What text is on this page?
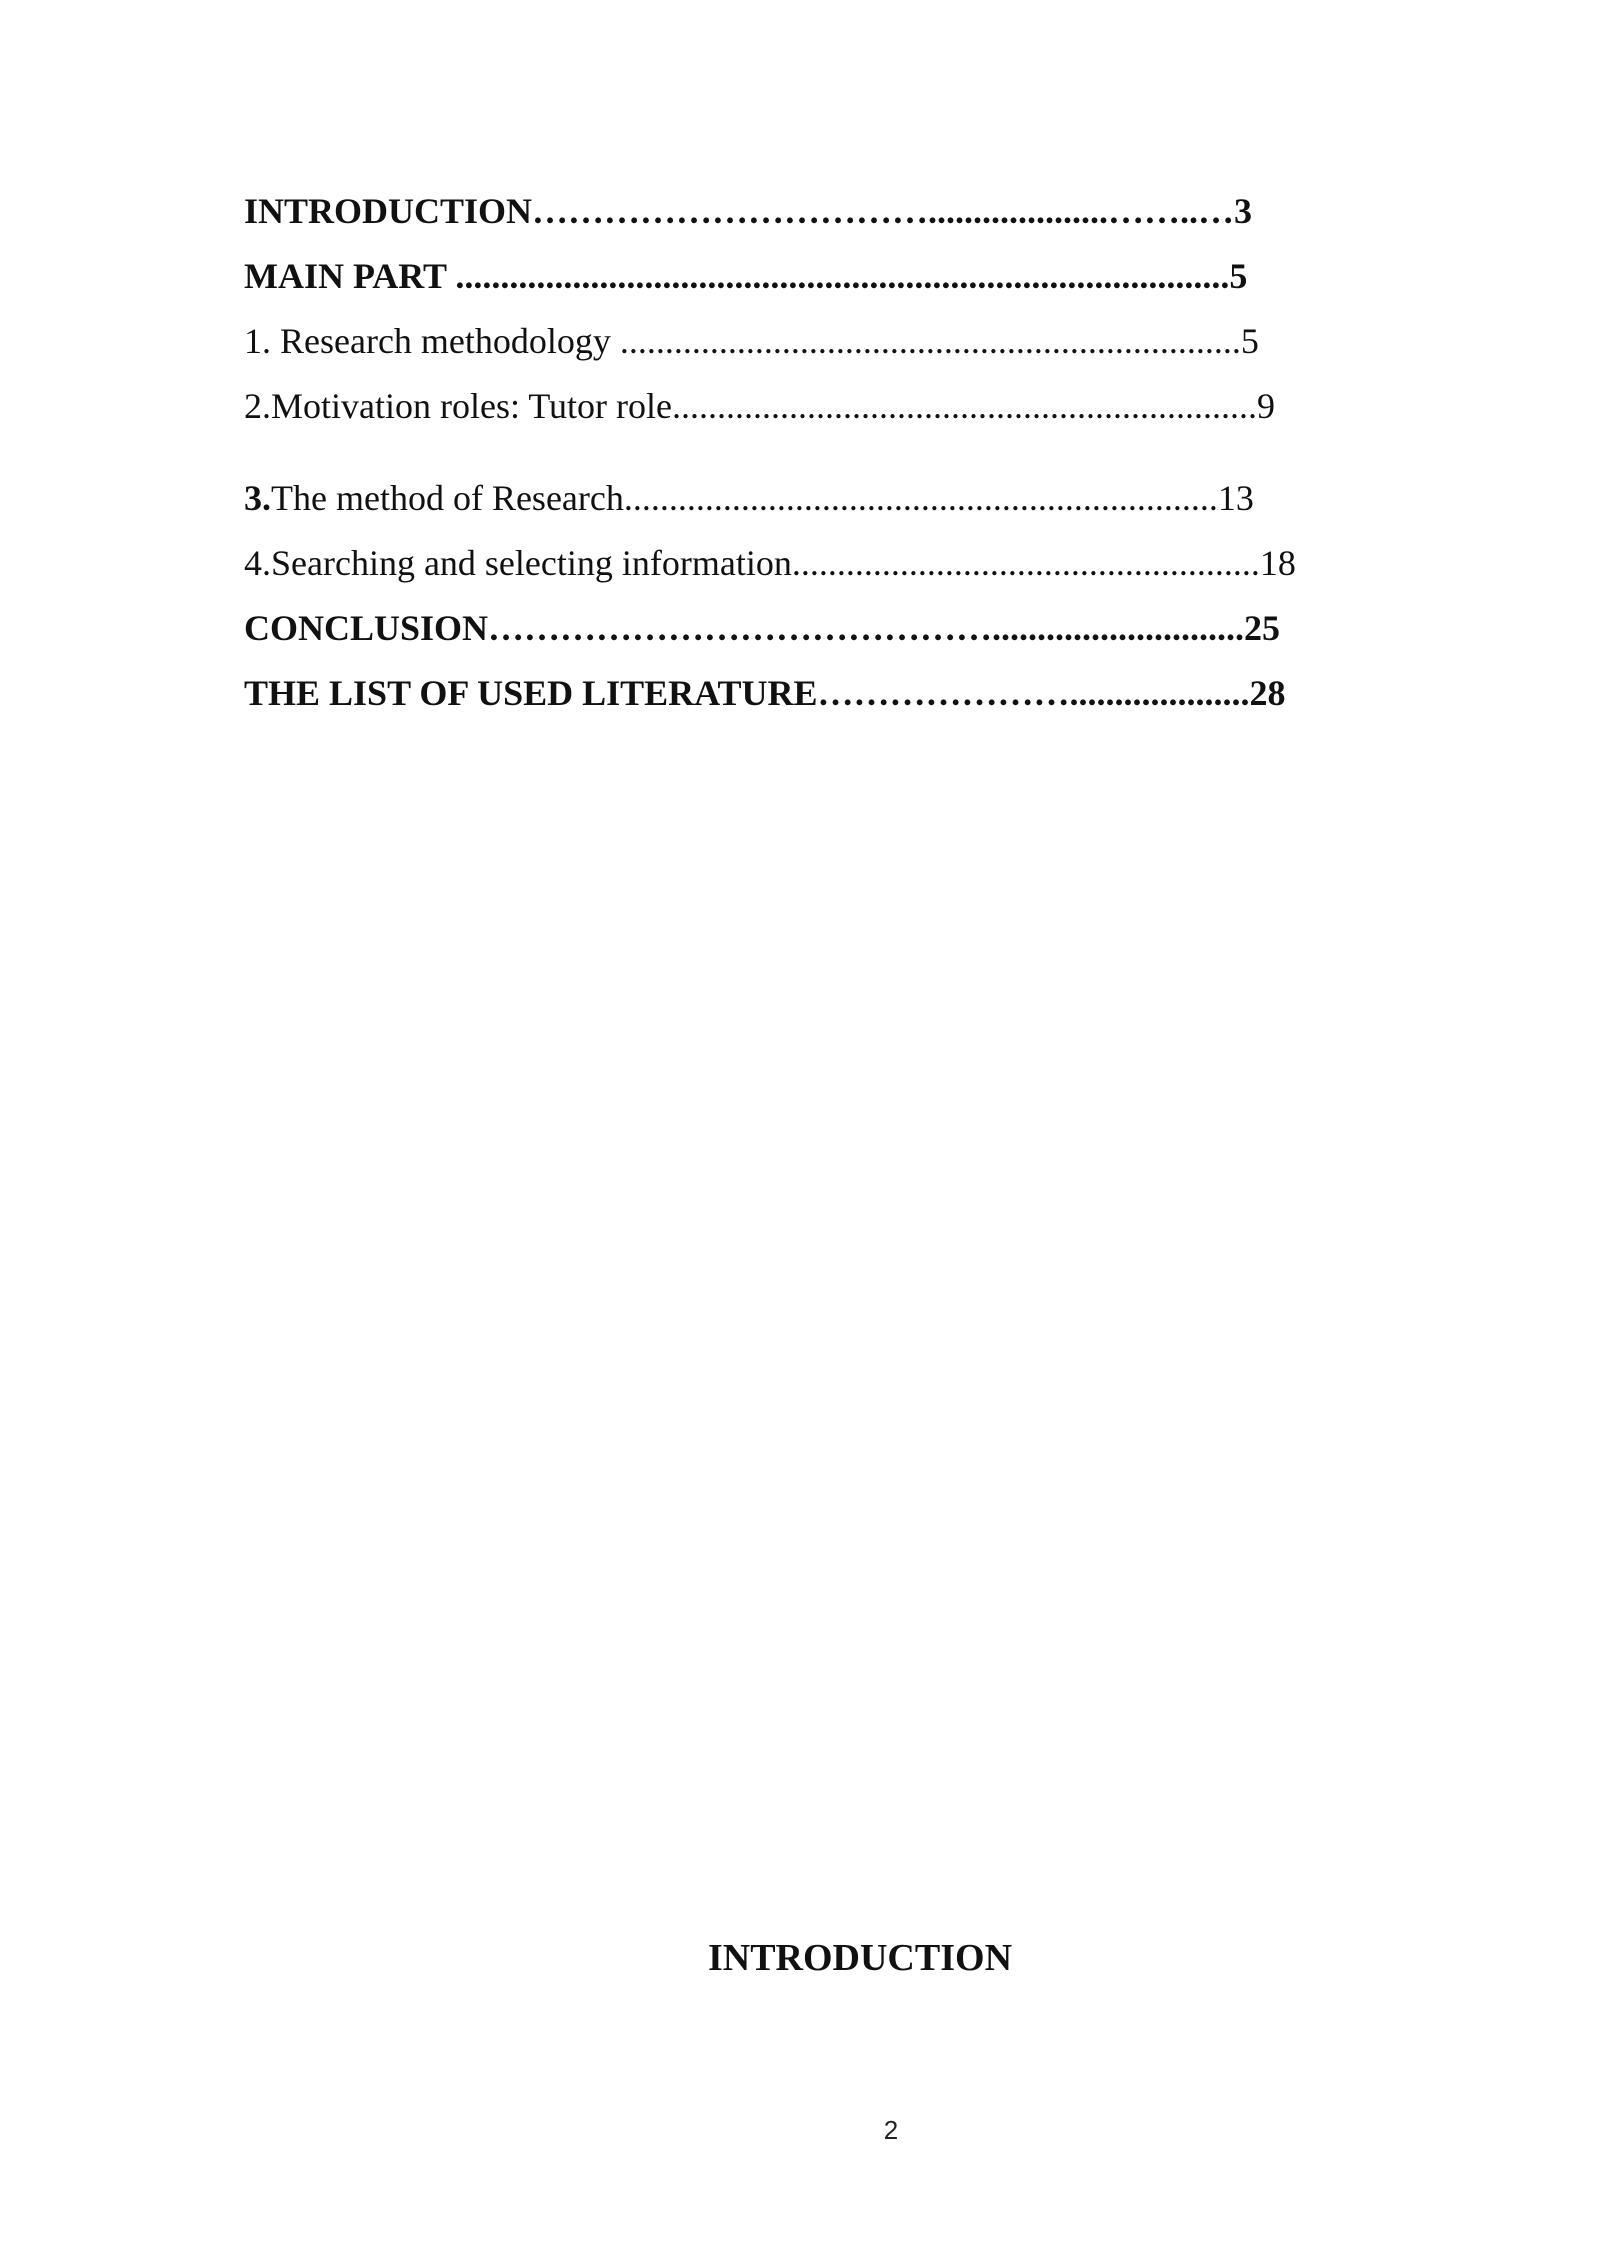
INTRODUCTION……………………………....................……..…3
MAIN PART ......................................................................................5
1. Research methodology .....................................................................5
2.Motivation roles: Tutor role.................................................................9
3.The method of Research..................................................................13
4.Searching and selecting information....................................................18
CONCLUSION……………………………………............................25
THE LIST OF USED LITERATURE…………………....................28
INTRODUCTION
2
